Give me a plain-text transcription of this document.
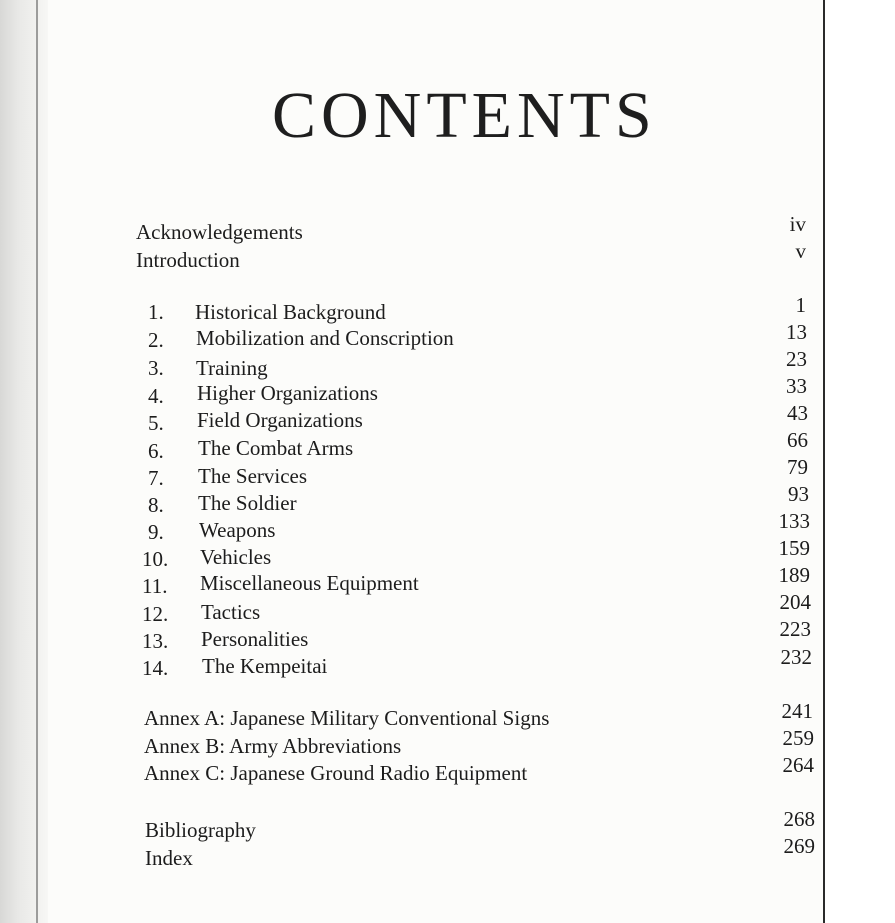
CONTENTS
Acknowledgements	iv
Introduction	v
1. Historical Background	1
2. Mobilization and Conscription	13
3. Training	23
4. Higher Organizations	33
5. Field Organizations	43
6. The Combat Arms	66
7. The Services	79
8. The Soldier	93
9. Weapons	133
10. Vehicles	159
11. Miscellaneous Equipment	189
12. Tactics	204
13. Personalities	223
14. The Kempeitai	232
Annex A: Japanese Military Conventional Signs	241
Annex B: Army Abbreviations	259
Annex C: Japanese Ground Radio Equipment	264
Bibliography	268
Index	269
